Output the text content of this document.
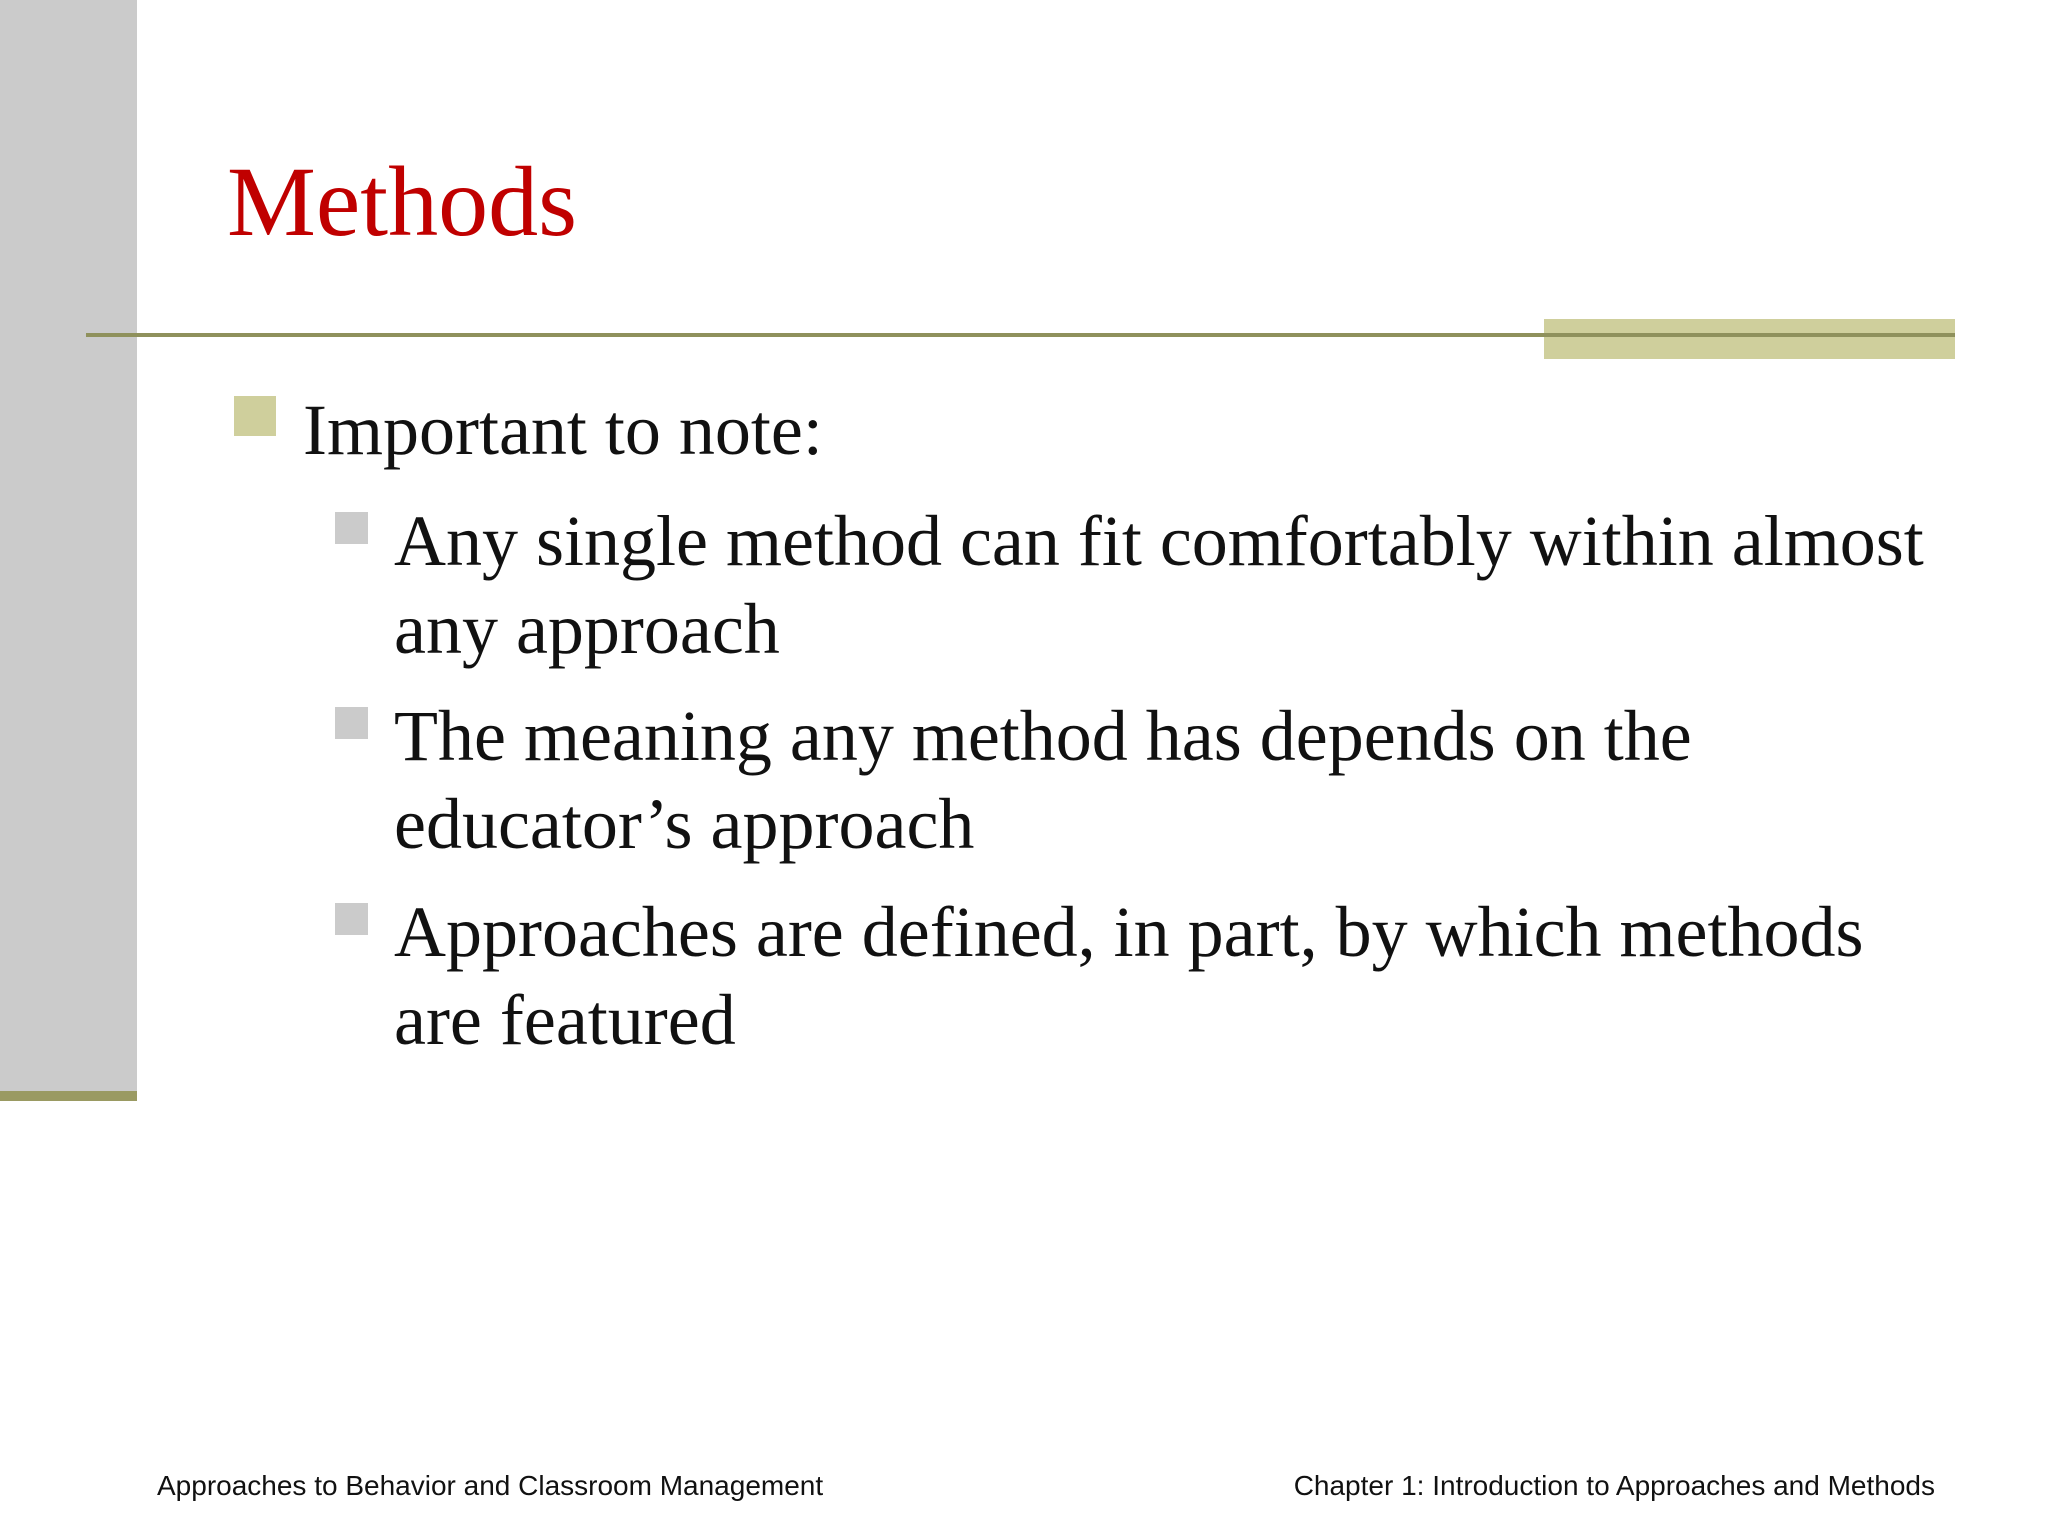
Methods
Important to note:
Any single method can fit comfortably within almost any approach
The meaning any method has depends on the educator’s approach
Approaches are defined, in part, by which methods are featured
Approaches to Behavior and Classroom Management	Chapter 1: Introduction to Approaches and Methods
